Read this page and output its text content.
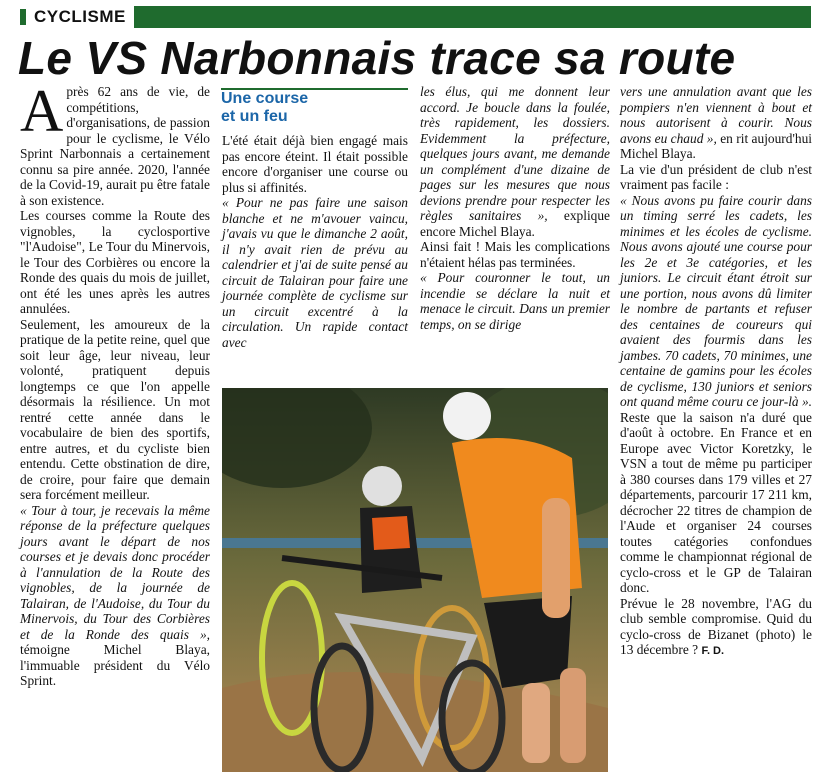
CYCLISME
Le VS Narbonnais trace sa route

Après 62 ans de vie, de compétitions, d'organisations, de passion pour le cyclisme, le Vélo Sprint Narbonnais a certainement connu sa pire année. 2020, l'année de la Covid-19, aurait pu être fatale à son existence.

Les courses comme la Route des vignobles, la cyclosportive "l'Audoise", Le Tour du Minervois, le Tour des Corbières ou encore la Ronde des quais du mois de juillet, ont été les unes après les autres annulées.

Seulement, les amoureux de la pratique de la petite reine, quel que soit leur âge, leur niveau, leur volonté, pratiquent depuis longtemps ce que l'on appelle désormais la résilience. Un mot rentré cette année dans le vocabulaire de bien des sportifs, entre autres, et du cycliste bien entendu. Cette obstination de dire, de croire, pour faire que demain sera forcément meilleur.

« Tour à tour, je recevais la même réponse de la préfecture quelques jours avant le départ de nos courses et je devais donc procéder à l'annulation de la Route des vignobles, de la journée de Talairan, de l'Audoise, du Tour du Minervois, du Tour des Corbières et de la Ronde des quais », témoigne Michel Blaya, l'immuable président du Vélo Sprint.

Une course
et un feu

L'été était déjà bien engagé mais pas encore éteint. Il était possible encore d'organiser une course ou plus si affinités.

« Pour ne pas faire une saison blanche et ne m'avouer vaincu, j'avais vu que le dimanche 2 août, il n'y avait rien de prévu au calendrier et j'ai de suite pensé au circuit de Talairan pour faire une journée complète de cyclisme sur un circuit excentré à la circulation. Un rapide contact avec

les élus, qui me donnent leur accord. Je boucle dans la foulée, très rapidement, les dossiers. Evidemment la préfecture, quelques jours avant, me demande un complément d'une dizaine de pages sur les mesures que nous devions prendre pour respecter les règles sanitaires », explique encore Michel Blaya.

Ainsi fait ! Mais les complications n'étaient hélas pas terminées.

« Pour couronner le tout, un incendie se déclare la nuit et menace le circuit. Dans un premier temps, on se dirige

vers une annulation avant que les pompiers n'en viennent à bout et nous autorisent à courir. Nous avons eu chaud », en rit aujourd'hui Michel Blaya.

La vie d'un président de club n'est vraiment pas facile :

« Nous avons pu faire courir dans un timing serré les cadets, les minimes et les écoles de cyclisme. Nous avons ajouté une course pour les 2e et 3e catégories, et les juniors. Le circuit étant étroit sur une portion, nous avons dû limiter le nombre de partants et refuser des centaines de coureurs qui avaient des fourmis dans les jambes. 70 cadets, 70 minimes, une centaine de gamins pour les écoles de cyclisme, 130 juniors et seniors ont quand même couru ce jour-là ».

Reste que la saison n'a duré que d'août à octobre. En France et en Europe avec Victor Koretzky, le VSN a tout de même pu participer à 380 courses dans 179 villes et 27 départements, parcourir 17 211 km, décrocher 22 titres de champion de l'Aude et organiser 24 courses toutes catégories confondues comme le championnat régional de cyclo-cross et le GP de Talairan donc.

Prévue le 28 novembre, l'AG du club semble compromise. Quid du cyclo-cross de Bizanet (photo) le 13 décembre ? F. D.
